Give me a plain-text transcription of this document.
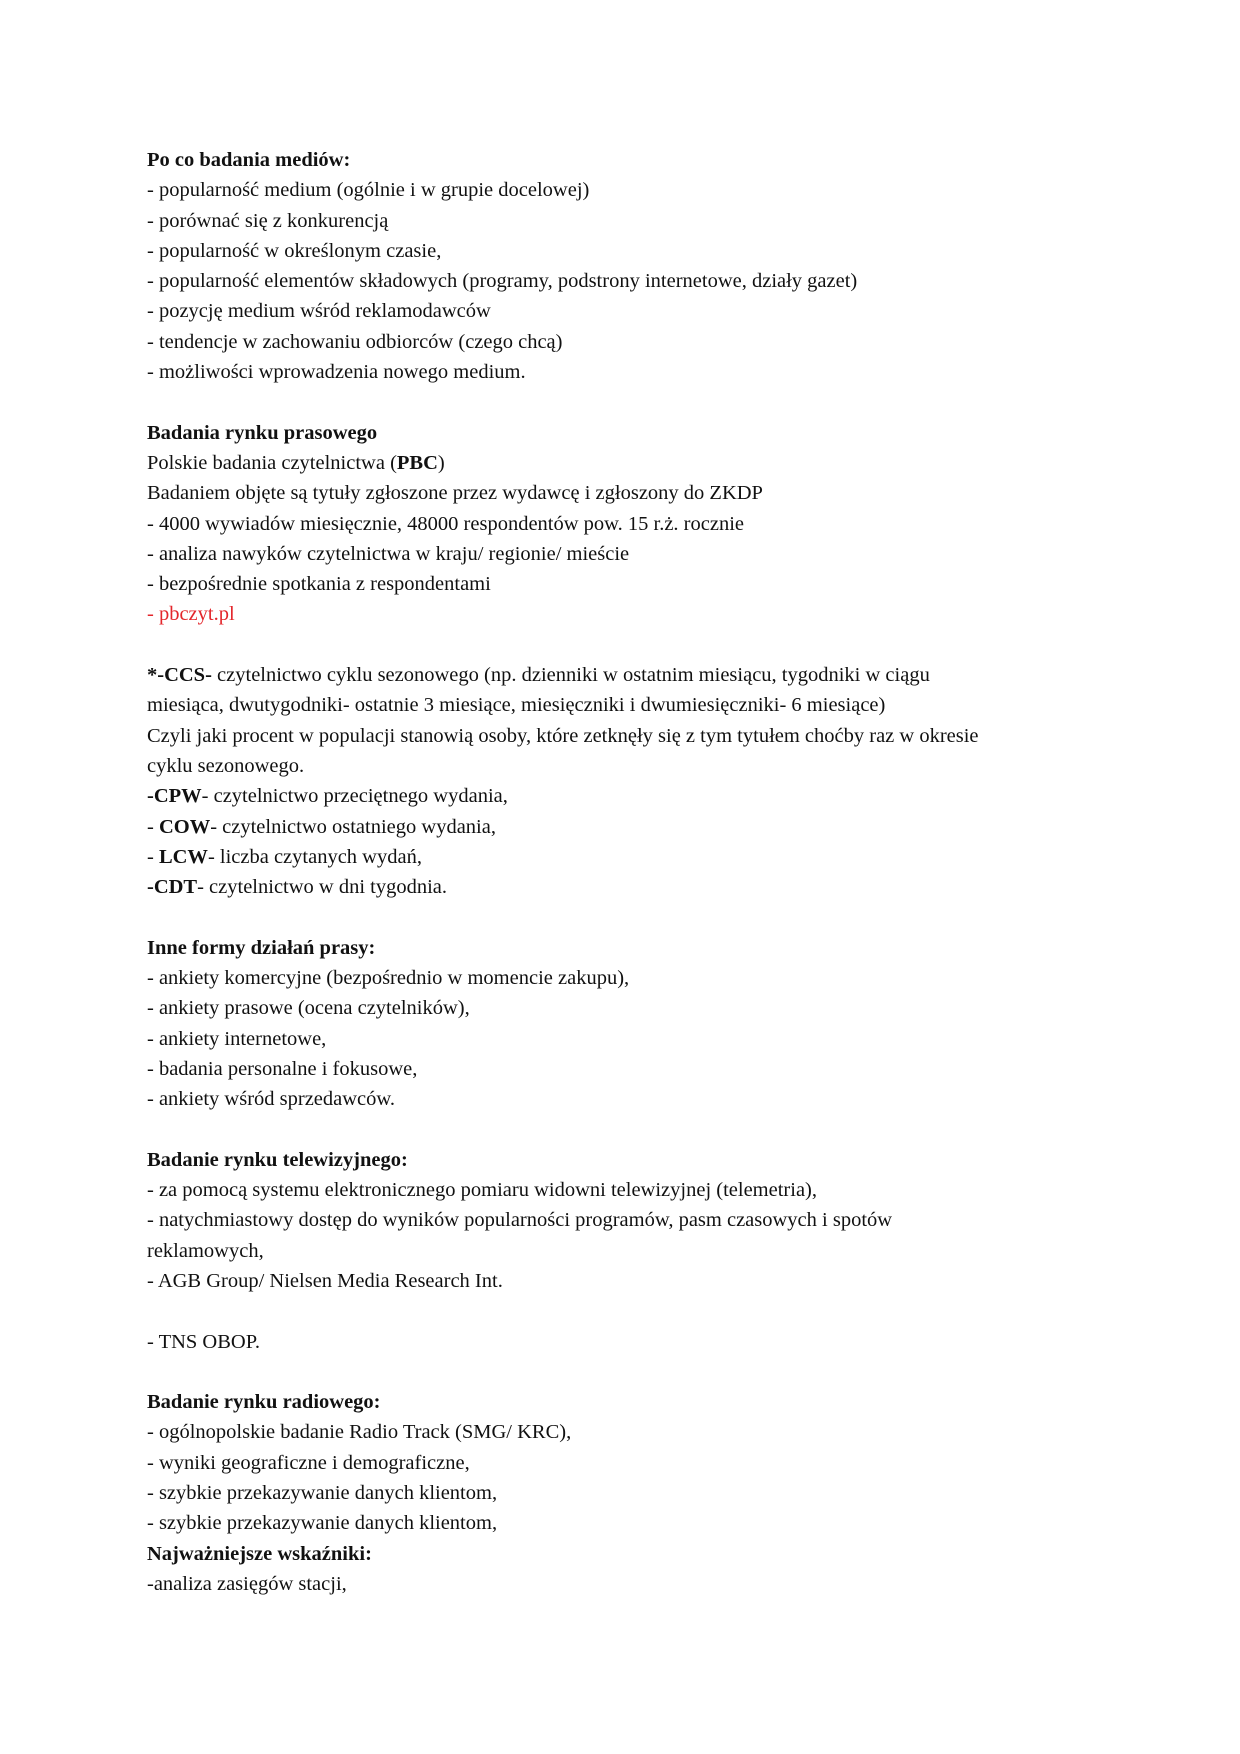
Po co badania mediów:
- popularność medium (ogólnie i w grupie docelowej)
- porównać się z konkurencją
- popularność w określonym czasie,
- popularność elementów składowych (programy, podstrony internetowe, działy gazet)
- pozycję medium wśród reklamodawców
- tendencje w zachowaniu odbiorców (czego chcą)
- możliwości wprowadzenia nowego medium.
Badania rynku prasowego
Polskie badania czytelnictwa (PBC)
Badaniem objęte są tytuły zgłoszone przez wydawcę i zgłoszony do ZKDP
- 4000 wywiadów miesięcznie, 48000 respondentów pow. 15 r.ż. rocznie
- analiza nawyków czytelnictwa w kraju/ regionie/ mieście
- bezpośrednie spotkania z respondentami
- pbczyt.pl
*-CCS- czytelnictwo cyklu sezonowego (np. dzienniki w ostatnim miesiącu, tygodniki w ciągu
miesiąca, dwutygodniki- ostatnie 3 miesiące, miesięczniki i dwumiesięczniki- 6 miesiące)
Czyli jaki procent w populacji stanowią osoby, które zetknęły się z tym tytułem choćby raz w okresie
cyklu sezonowego.
-CPW- czytelnictwo przeciętnego wydania,
- COW- czytelnictwo ostatniego wydania,
- LCW- liczba czytanych wydań,
-CDT- czytelnictwo w dni tygodnia.
Inne formy działań prasy:
- ankiety komercyjne (bezpośrednio w momencie zakupu),
- ankiety prasowe (ocena czytelników),
- ankiety internetowe,
- badania personalne i fokusowe,
- ankiety wśród sprzedawców.
Badanie rynku telewizyjnego:
- za pomocą systemu elektronicznego pomiaru widowni telewizyjnej (telemetria),
- natychmiastowy dostęp do wyników popularności programów, pasm czasowych i spotów
reklamowych,
- AGB Group/ Nielsen Media Research Int.
- TNS OBOP.
Badanie rynku radiowego:
- ogólnopolskie badanie Radio Track (SMG/ KRC),
- wyniki geograficzne i demograficzne,
- szybkie przekazywanie danych klientom,
- szybkie przekazywanie danych klientom,
Najważniejsze wskaźniki:
-analiza zasięgów stacji,
